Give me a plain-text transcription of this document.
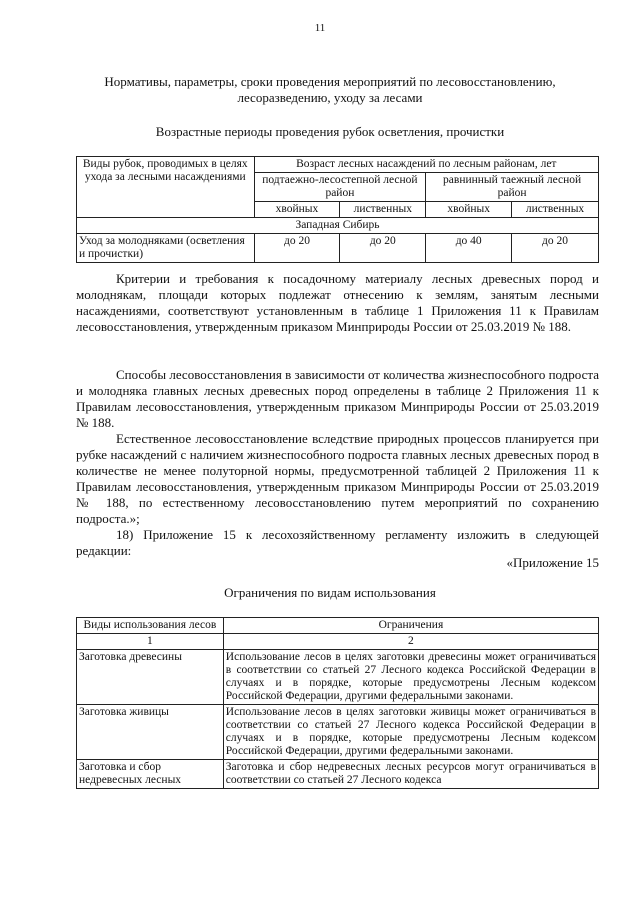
11
Нормативы, параметры, сроки проведения мероприятий по лесовосстановлению, лесоразведению, уходу за лесами
Возрастные периоды проведения рубок осветления, прочистки
Виды рубок, проводимых в целях ухода за лесными насаждениями	Возраст лесных насаждений по лесным районам, лет			
	подтаежно-лесостепной лесной район		равнинный таежный лесной район	
	хвойных	лиственных	хвойных	лиственных
Западная Сибирь				
Уход за молодняками (осветления и прочистки)	до 20	до 20	до 40	до 20

Критерии и требования к посадочному материалу лесных древесных пород и молоднякам, площади которых подлежат отнесению к землям, занятым лесными насаждениями, соответствуют установленным в таблице 1 Приложения 11 к Правилам лесовосстановления, утвержденным приказом Минприроды России от 25.03.2019 № 188.

Способы лесовосстановления в зависимости от количества жизнеспособного подроста и молодняка главных лесных древесных пород определены в таблице 2 Приложения 11 к Правилам лесовосстановления, утвержденным приказом Минприроды России от 25.03.2019 № 188.

Естественное лесовосстановление вследствие природных процессов планируется при рубке насаждений с наличием жизнеспособного подроста главных лесных древесных пород в количестве не менее полуторной нормы, предусмотренной таблицей 2 Приложения 11 к Правилам лесовосстановления, утвержденным приказом Минприроды России от 25.03.2019 № 188, по естественному лесовосстановлению путем мероприятий по сохранению подроста.»;

18) Приложение 15 к лесохозяйственному регламенту изложить в следующей редакции:

«Приложение 15
Ограничения по видам использования
Виды использования лесов	Ограничения
1	2
Заготовка древесины	Использование лесов в целях заготовки древесины может ограничиваться в соответствии со статьей 27 Лесного кодекса Российской Федерации в случаях и в порядке, которые предусмотрены Лесным кодексом Российской Федерации, другими федеральными законами.
Заготовка живицы	Использование лесов в целях заготовки живицы может ограничиваться в соответствии со статьей 27 Лесного кодекса Российской Федерации в случаях и в порядке, которые предусмотрены Лесным кодексом Российской Федерации, другими федеральными законами.
Заготовка и сбор недревесных лесных	Заготовка и сбор недревесных лесных ресурсов могут ограничиваться в соответствии со статьей 27 Лесного кодекса
